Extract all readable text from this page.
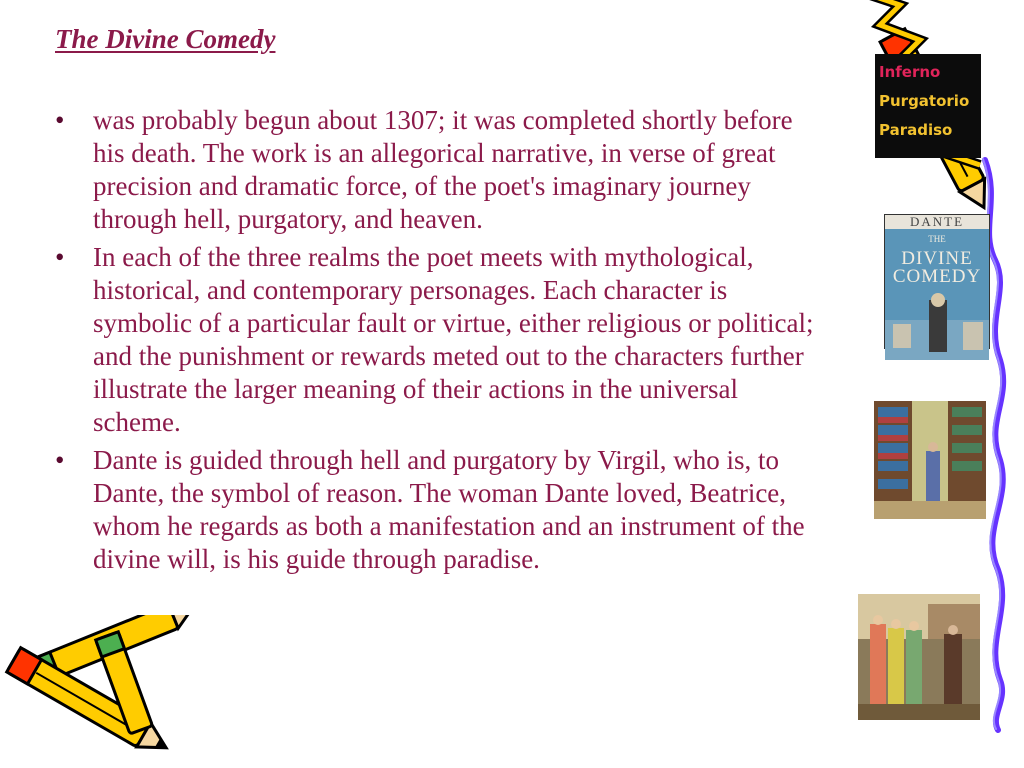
Inferno
Purgatorio
Paradiso
DANTE
THE
DIVINE
COMEDY
The Divine Comedy
• was probably begun about 1307; it was completed shortly before his death. The work is an allegorical narrative, in verse of great precision and dramatic force, of the poet's imaginary journey through hell, purgatory, and heaven.
• In each of the three realms the poet meets with mythological, historical, and contemporary personages. Each character is symbolic of a particular fault or virtue, either religious or political; and the punishment or rewards meted out to the characters further illustrate the larger meaning of their actions in the universal scheme.
• Dante is guided through hell and purgatory by Virgil, who is, to Dante, the symbol of reason. The woman Dante loved, Beatrice, whom he regards as both a manifestation and an instrument of the divine will, is his guide through paradise.
